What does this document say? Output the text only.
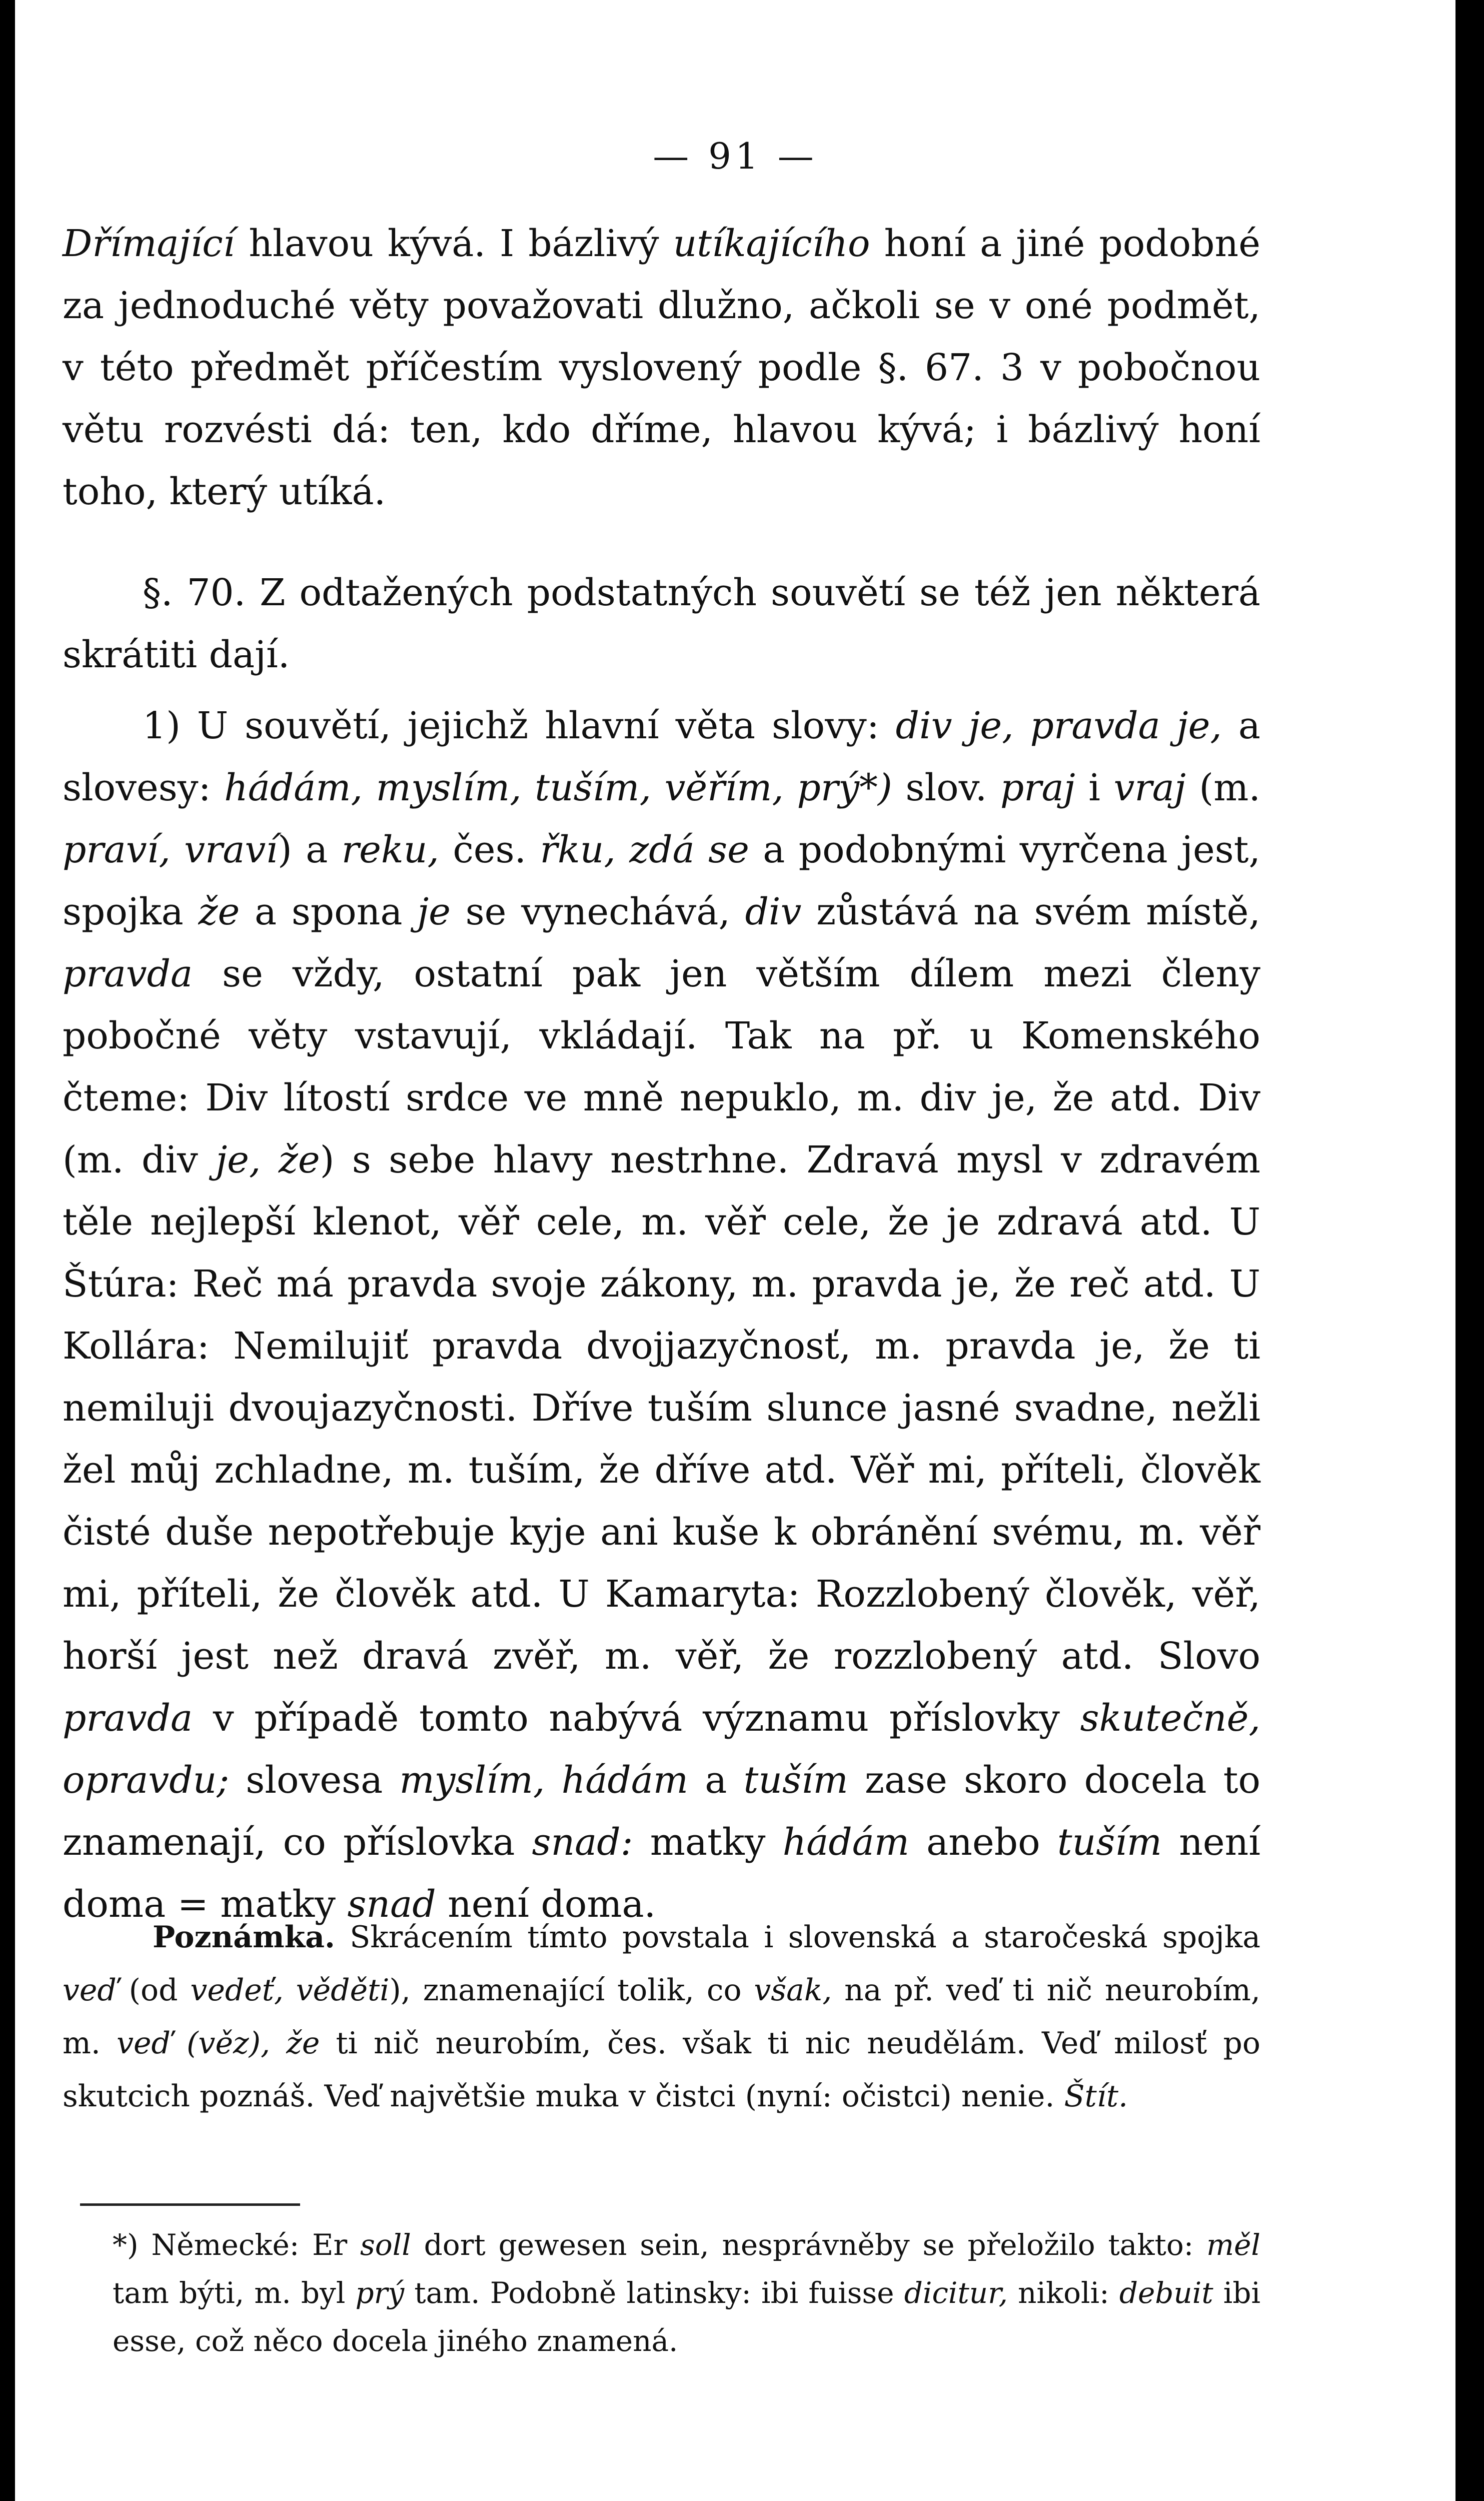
— 91 —

Dřímající hlavou kývá. I bázlivý utíkajícího honí a jiné podobné za jednoduché věty považovati dlužno, ačkoli se v oné podmět, v této předmět příčestím vyslovený podle §. 67. 3 v pobočnou větu rozvésti dá: ten, kdo dříme, hlavou kývá; i bázlivý honí toho, který utíká.

§. 70. Z odtažených podstatných souvětí se též jen některá skrátiti dají.

1) U souvětí, jejichž hlavní věta slovy: div je, pravda je, a slovesy: hádám, myslím, tuším, věřím, prý*) slov. praj i vraj (m. praví, vraví) a reku, čes. řku, zdá se a podobnými vyrčena jest, spojka že a spona je se vynechává, div zůstává na svém místě, pravda se vždy, ostatní pak jen větším dílem mezi členy pobočné věty vstavují, vkládají. Tak na př. u Komenského čteme: Div lítostí srdce ve mně nepuklo, m. div je, že atd. Div (m. div je, že) s sebe hlavy nestrhne. Zdravá mysl v zdravém těle nejlepší klenot, věř cele, m. věř cele, že je zdravá atd. U Štúra: Reč má pravda svoje zákony, m. pravda je, že reč atd. U Kollára: Nemilujiť pravda dvojjazyčnosť, m. pravda je, že ti nemiluji dvoujazyčnosti. Dříve tuším slunce jasné svadne, nežli žel můj zchladne, m. tuším, že dříve atd. Věř mi, příteli, člověk čisté duše nepotřebuje kyje ani kuše k obránění svému, m. věř mi, příteli, že člověk atd. U Kamaryta: Rozzlobený člověk, věř, horší jest než dravá zvěř, m. věř, že rozzlobený atd. Slovo pravda v případě tomto nabývá významu příslovky skutečně, opravdu; slovesa myslím, hádám a tuším zase skoro docela to znamenají, co příslovka snad: matky hádám anebo tuším není doma = matky snad není doma.

Poznámka. Skrácením tímto povstala i slovenská a staročeská spojka veď (od vedeť, věděti), znamenající tolik, co však, na př. veď ti nič neurobím, m. veď (věz), že ti nič neurobím, čes. však ti nic neudělám. Veď milosť po skutcich poznáš. Veď najvětšie muka v čistci (nyní: očistci) nenie. Štít.

*) Německé: Er soll dort gewesen sein, nesprávněby se přeložilo takto: měl tam býti, m. byl prý tam. Podobně latinsky: ibi fuisse dicitur, nikoli: debuit ibi esse, což něco docela jiného znamená.
